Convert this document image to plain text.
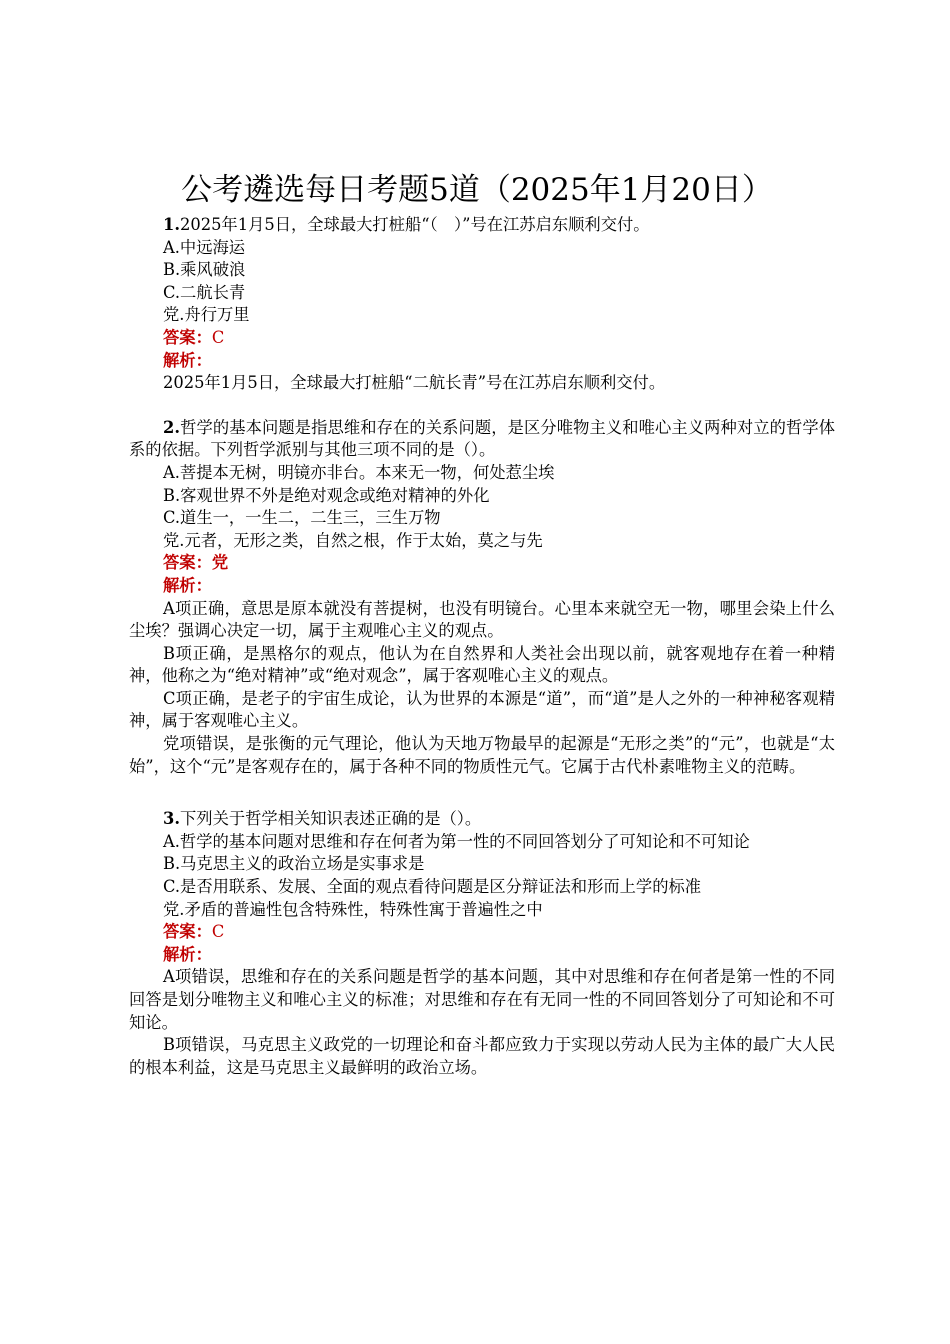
公考遴选每日考题5道（2025年1月20日）

1.2025年1月5日，全球最大打桩船“（　）”号在江苏启东顺利交付。

A.中远海运

B.乘风破浪

C.二航长青

党.舟行万里

答案：C

解析：

2025年1月5日，全球最大打桩船“二航长青”号在江苏启东顺利交付。

2.哲学的基本问题是指思维和存在的关系问题，是区分唯物主义和唯心主义两种对立的哲学体系的依据。下列哲学派别与其他三项不同的是（）。

A.菩提本无树，明镜亦非台。本来无一物，何处惹尘埃

B.客观世界不外是绝对观念或绝对精神的外化

C.道生一，一生二，二生三，三生万物

党.元者，无形之类，自然之根，作于太始，莫之与先

答案：党

解析：

A项正确，意思是原本就没有菩提树，也没有明镜台。心里本来就空无一物，哪里会染上什么尘埃？强调心决定一切，属于主观唯心主义的观点。

B项正确，是黑格尔的观点，他认为在自然界和人类社会出现以前，就客观地存在着一种精神，他称之为“绝对精神”或“绝对观念”，属于客观唯心主义的观点。

C项正确，是老子的宇宙生成论，认为世界的本源是“道”，而“道”是人之外的一种神秘客观精神，属于客观唯心主义。

党项错误，是张衡的元气理论，他认为天地万物最早的起源是“无形之类”的“元”，也就是“太始”，这个“元”是客观存在的，属于各种不同的物质性元气。它属于古代朴素唯物主义的范畴。

3.下列关于哲学相关知识表述正确的是（）。

A.哲学的基本问题对思维和存在何者为第一性的不同回答划分了可知论和不可知论

B.马克思主义的政治立场是实事求是

C.是否用联系、发展、全面的观点看待问题是区分辩证法和形而上学的标准

党.矛盾的普遍性包含特殊性，特殊性寓于普遍性之中

答案：C

解析：

A项错误，思维和存在的关系问题是哲学的基本问题，其中对思维和存在何者是第一性的不同回答是划分唯物主义和唯心主义的标准；对思维和存在有无同一性的不同回答划分了可知论和不可知论。

B项错误，马克思主义政党的一切理论和奋斗都应致力于实现以劳动人民为主体的最广大人民的根本利益，这是马克思主义最鲜明的政治立场。
